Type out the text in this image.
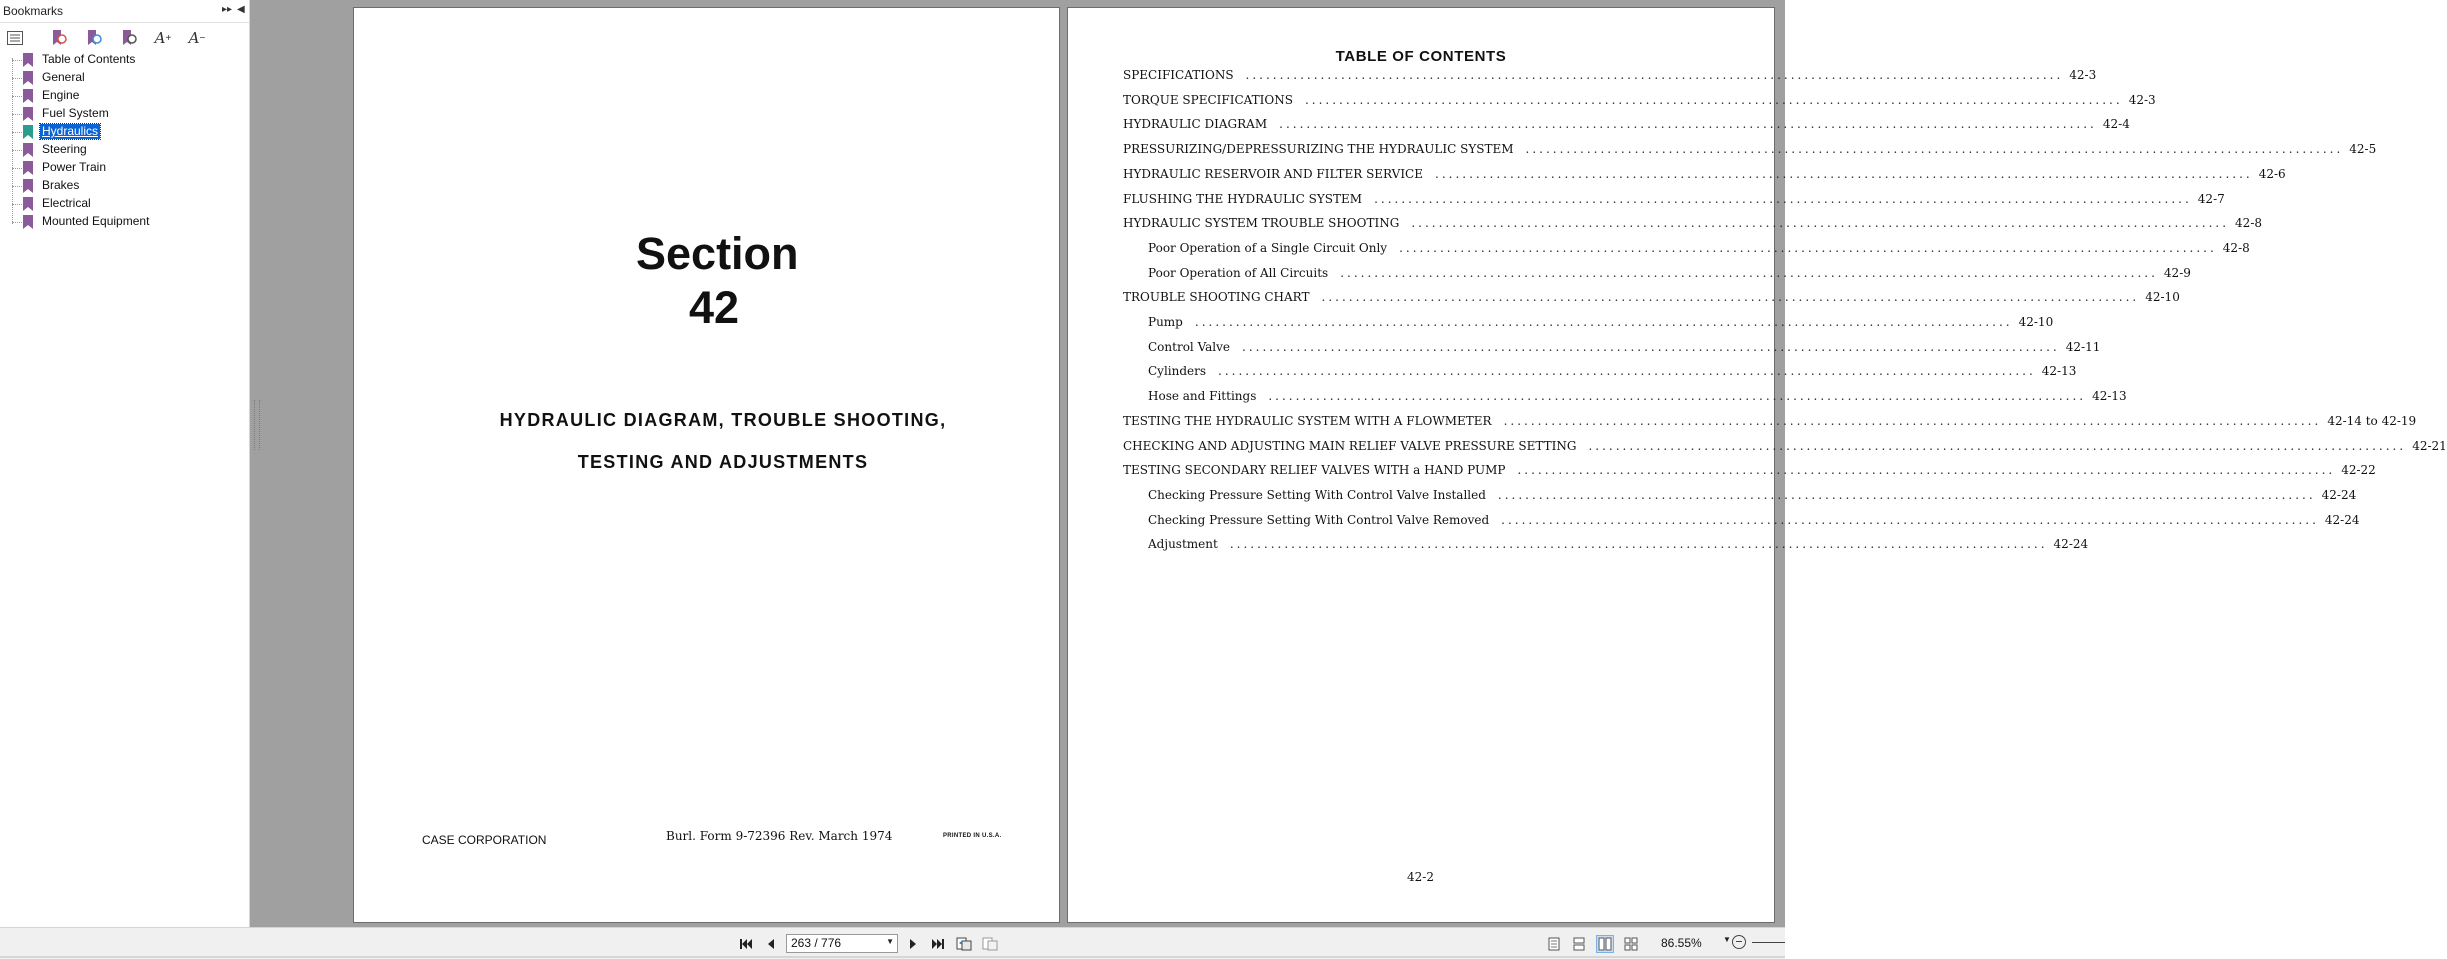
Bookmarks	▸▸ ◀
A + A −
Table of Contents
General
Engine
Fuel System
Hydraulics
Steering
Power Train
Brakes
Electrical
Mounted Equipment
Section
42
HYDRAULIC DIAGRAM, TROUBLE SHOOTING,
TESTING AND ADJUSTMENTS
CASE CORPORATION	Burl. Form 9-72396 Rev. March 1974	PRINTED IN U.S.A.
TABLE OF CONTENTS
SPECIFICATIONS ........................................................................................................................ 42-3
TORQUE SPECIFICATIONS ........................................................................................................................ 42-3
HYDRAULIC DIAGRAM ........................................................................................................................ 42-4
PRESSURIZING/DEPRESSURIZING THE HYDRAULIC SYSTEM ........................................................................................................................ 42-5
HYDRAULIC RESERVOIR AND FILTER SERVICE ........................................................................................................................ 42-6
FLUSHING THE HYDRAULIC SYSTEM ........................................................................................................................ 42-7
HYDRAULIC SYSTEM TROUBLE SHOOTING ........................................................................................................................ 42-8
Poor Operation of a Single Circuit Only ........................................................................................................................ 42-8
Poor Operation of All Circuits ........................................................................................................................ 42-9
TROUBLE SHOOTING CHART ........................................................................................................................ 42-10
Pump ........................................................................................................................ 42-10
Control Valve ........................................................................................................................ 42-11
Cylinders ........................................................................................................................ 42-13
Hose and Fittings ........................................................................................................................ 42-13
TESTING THE HYDRAULIC SYSTEM WITH A FLOWMETER ........................................................................................................................ 42-14 to 42-19
CHECKING AND ADJUSTING MAIN RELIEF VALVE PRESSURE SETTING ........................................................................................................................ 42-21
TESTING SECONDARY RELIEF VALVES WITH a HAND PUMP ........................................................................................................................ 42-22
Checking Pressure Setting With Control Valve Installed ........................................................................................................................ 42-24
Checking Pressure Setting With Control Valve Removed ........................................................................................................................ 42-24
Adjustment ........................................................................................................................ 42-24
42-2
263 / 776
▼	86.55%	▼
